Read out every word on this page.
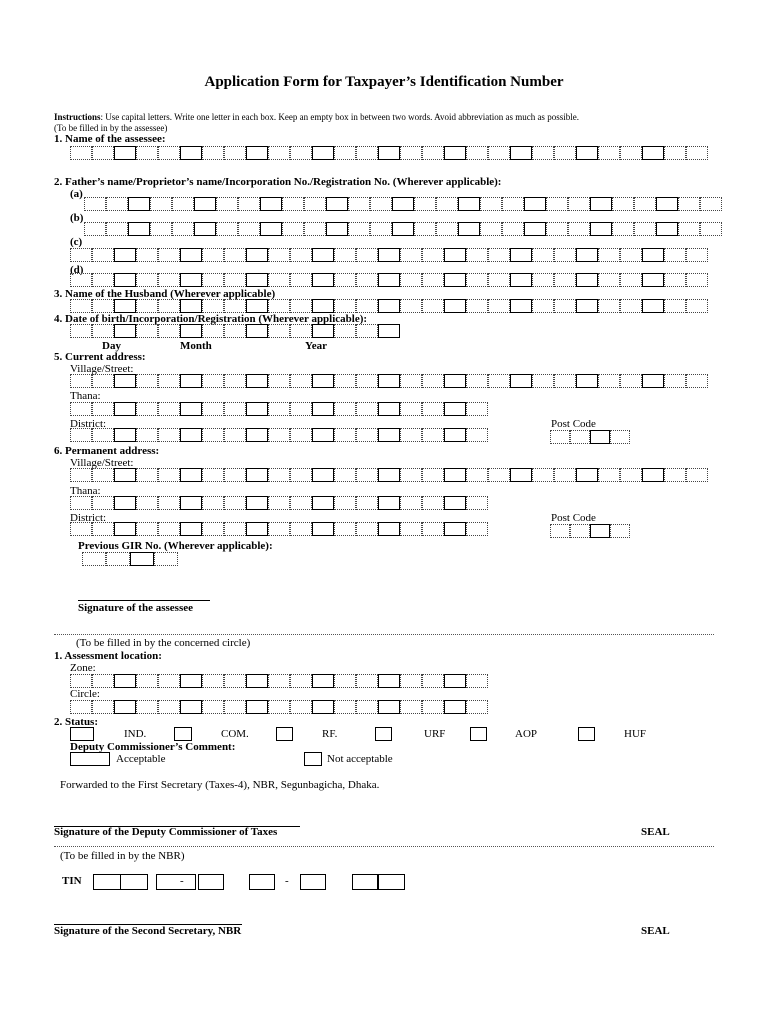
Application Form for Taxpayer’s Identification Number
Instructions: Use capital letters. Write one letter in each box. Keep an empty box in between two words. Avoid abbreviation as much as possible.
(To be filled in by the assessee)
1. Name of the assessee:
2. Father’s name/Proprietor’s name/Incorporation No./Registration No. (Wherever applicable):
(a)
(b)
(c)
(d)
3. Name of the Husband (Wherever applicable)
4. Date of birth/Incorporation/Registration (Wherever applicable):
Day	Month	Year
5. Current address:
Village/Street:
Thana:
District:	Post Code
6. Permanent address:
Village/Street:
Thana:
District:	Post Code
Previous GIR No. (Wherever applicable):
Signature of the assessee
(To be filled in by the concerned circle)
1. Assessment location:
Zone:
Circle:
2. Status:
IND.	COM.	RF.	URF	AOP	HUF
Deputy Commissioner’s Comment:
Acceptable	Not acceptable
Forwarded to the First Secretary (Taxes-4), NBR, Segunbagicha, Dhaka.
Signature of the Deputy Commissioner of Taxes	SEAL
(To be filled in by the NBR)
TIN	-	-
Signature of the Second Secretary, NBR	SEAL
